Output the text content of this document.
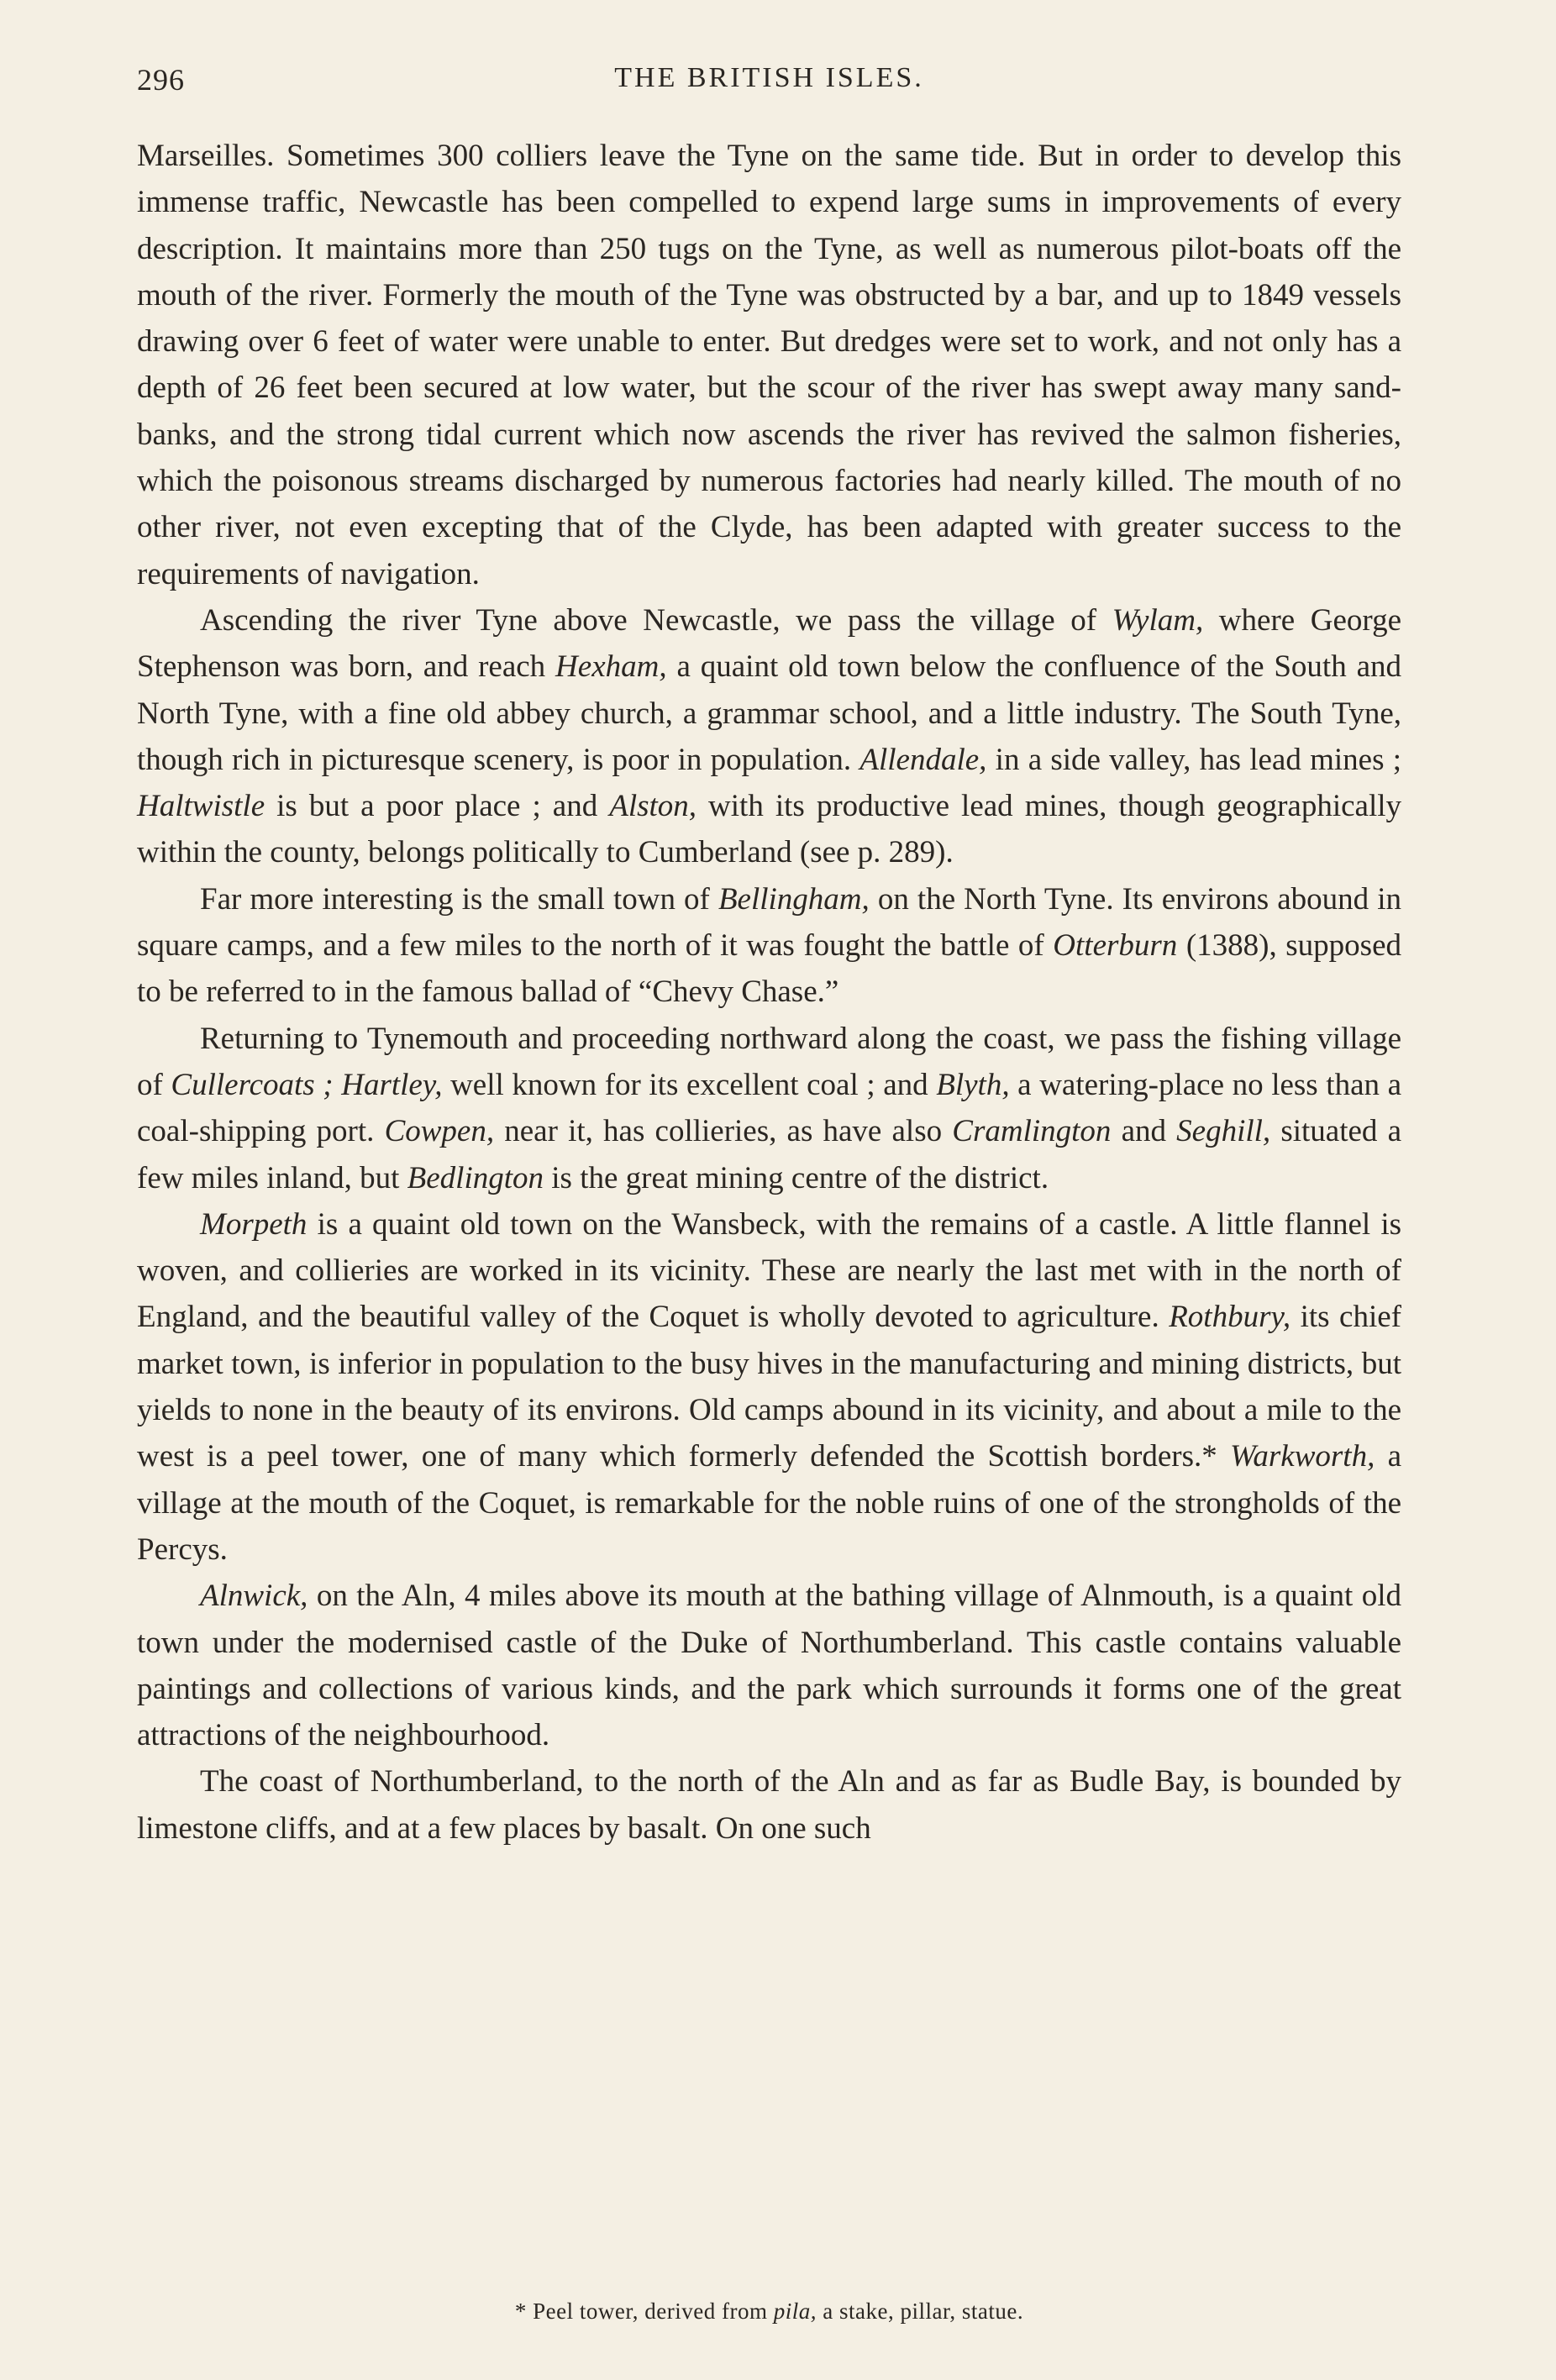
296	THE BRITISH ISLES.

Marseilles. Sometimes 300 colliers leave the Tyne on the same tide. But in order to develop this immense traffic, Newcastle has been compelled to expend large sums in improvements of every description. It maintains more than 250 tugs on the Tyne, as well as numerous pilot-boats off the mouth of the river. Formerly the mouth of the Tyne was obstructed by a bar, and up to 1849 vessels drawing over 6 feet of water were unable to enter. But dredges were set to work, and not only has a depth of 26 feet been secured at low water, but the scour of the river has swept away many sand-banks, and the strong tidal current which now ascends the river has revived the salmon fisheries, which the poisonous streams discharged by numerous factories had nearly killed. The mouth of no other river, not even excepting that of the Clyde, has been adapted with greater success to the requirements of navigation.

Ascending the river Tyne above Newcastle, we pass the village of Wylam, where George Stephenson was born, and reach Hexham, a quaint old town below the confluence of the South and North Tyne, with a fine old abbey church, a grammar school, and a little industry. The South Tyne, though rich in picturesque scenery, is poor in population. Allendale, in a side valley, has lead mines ; Haltwistle is but a poor place ; and Alston, with its productive lead mines, though geographically within the county, belongs politically to Cumberland (see p. 289).

Far more interesting is the small town of Bellingham, on the North Tyne. Its environs abound in square camps, and a few miles to the north of it was fought the battle of Otterburn (1388), supposed to be referred to in the famous ballad of “Chevy Chase.”

Returning to Tynemouth and proceeding northward along the coast, we pass the fishing village of Cullercoats ; Hartley, well known for its excellent coal ; and Blyth, a watering-place no less than a coal-shipping port. Cowpen, near it, has collieries, as have also Cramlington and Seghill, situated a few miles inland, but Bedlington is the great mining centre of the district.

Morpeth is a quaint old town on the Wansbeck, with the remains of a castle. A little flannel is woven, and collieries are worked in its vicinity. These are nearly the last met with in the north of England, and the beautiful valley of the Coquet is wholly devoted to agriculture. Rothbury, its chief market town, is inferior in population to the busy hives in the manufacturing and mining districts, but yields to none in the beauty of its environs. Old camps abound in its vicinity, and about a mile to the west is a peel tower, one of many which formerly defended the Scottish borders.* Warkworth, a village at the mouth of the Coquet, is remarkable for the noble ruins of one of the strongholds of the Percys.

Alnwick, on the Aln, 4 miles above its mouth at the bathing village of Alnmouth, is a quaint old town under the modernised castle of the Duke of Northumberland. This castle contains valuable paintings and collections of various kinds, and the park which surrounds it forms one of the great attractions of the neighbourhood.

The coast of Northumberland, to the north of the Aln and as far as Budle Bay, is bounded by limestone cliffs, and at a few places by basalt. On one such

* Peel tower, derived from pila, a stake, pillar, statue.
